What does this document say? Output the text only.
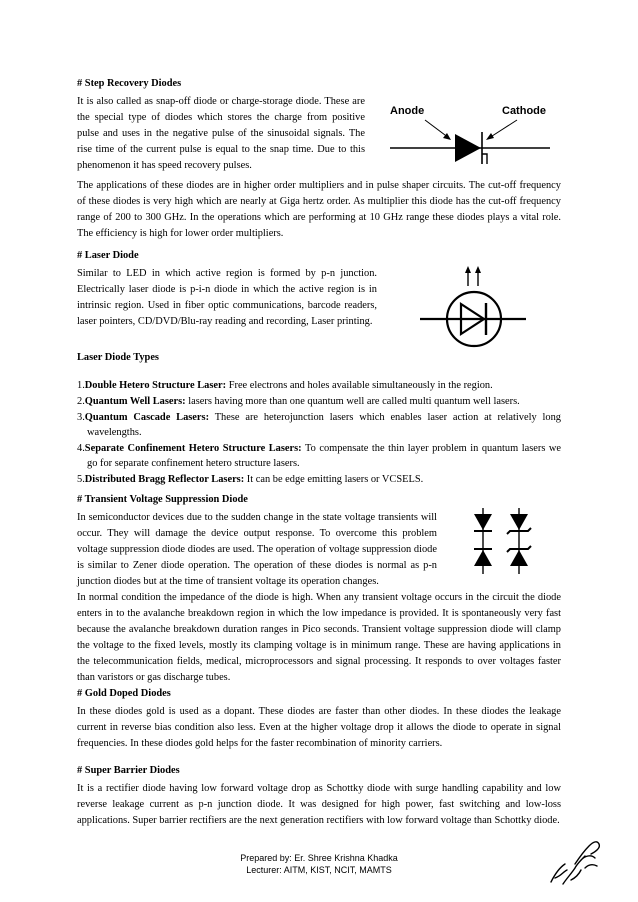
# Step Recovery Diodes

It is also called as snap-off diode or charge-storage diode. These are the special type of diodes which stores the charge from positive pulse and uses in the negative pulse of the sinusoidal signals. The rise time of the current pulse is equal to the snap time. Due to this phenomenon it has speed recovery pulses.

Anode	Cathode

The applications of these diodes are in higher order multipliers and in pulse shaper circuits. The cut-off frequency of these diodes is very high which are nearly at Giga hertz order. As multiplier this diode has the cut-off frequency range of 200 to 300 GHz. In the operations which are performing at 10 GHz range these diodes plays a vital role. The efficiency is high for lower order multipliers.

# Laser Diode

Similar to LED in which active region is formed by p-n junction. Electrically laser diode is p-i-n diode in which the active region is in intrinsic region. Used in fiber optic communications, barcode readers, laser pointers, CD/DVD/Blu-ray reading and recording, Laser printing.

Laser Diode Types
1.Double Hetero Structure Laser: Free electrons and holes available simultaneously in the region.
2.Quantum Well Lasers: lasers having more than one quantum well are called multi quantum well lasers.
3.Quantum Cascade Lasers: These are heterojunction lasers which enables laser action at relatively long wavelengths.
4.Separate Confinement Hetero Structure Lasers: To compensate the thin layer problem in quantum lasers we go for separate confinement hetero structure lasers.
5.Distributed Bragg Reflector Lasers: It can be edge emitting lasers or VCSELS.
# Transient Voltage Suppression Diode

In semiconductor devices due to the sudden change in the state voltage transients will occur. They will damage the device output response. To overcome this problem voltage suppression diode diodes are used. The operation of voltage suppression diode is similar to Zener diode operation. The operation of these diodes is normal as p-n junction diodes but at the time of transient voltage its operation changes.

In normal condition the impedance of the diode is high. When any transient voltage occurs in the circuit the diode enters in to the avalanche breakdown region in which the low impedance is provided. It is spontaneously very fast because the avalanche breakdown duration ranges in Pico seconds. Transient voltage suppression diode will clamp the voltage to the fixed levels, mostly its clamping voltage is in minimum range. These are having applications in the telecommunication fields, medical, microprocessors and signal processing. It responds to over voltages faster than varistors or gas discharge tubes.

# Gold Doped Diodes

In these diodes gold is used as a dopant. These diodes are faster than other diodes. In these diodes the leakage current in reverse bias condition also less. Even at the higher voltage drop it allows the diode to operate in signal frequencies. In these diodes gold helps for the faster recombination of minority carriers.

# Super Barrier Diodes

It is a rectifier diode having low forward voltage drop as Schottky diode with surge handling capability and low reverse leakage current as p-n junction diode. It was designed for high power, fast switching and low-loss applications. Super barrier rectifiers are the next generation rectifiers with low forward voltage than Schottky diode.

Prepared by: Er. Shree Krishna Khadka
Lecturer: AITM, KIST, NCIT, MAMTS
